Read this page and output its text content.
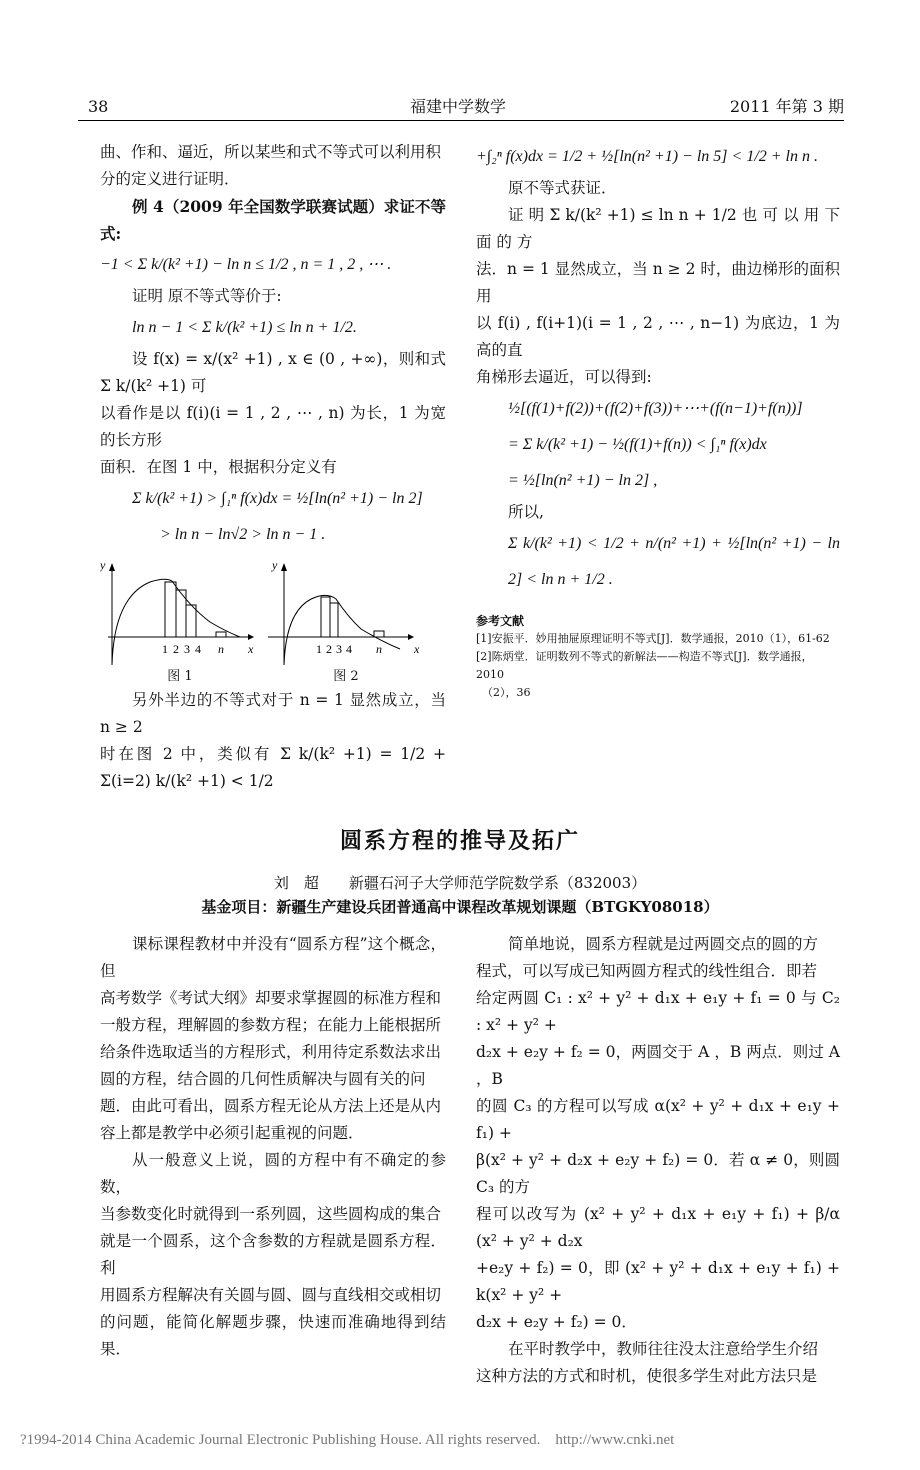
38	福建中学数学	2011 年第 3 期
曲、作和、逼近，所以某些和式不等式可以利用积
分的定义进行证明．
例 4（2009 年全国数学联赛试题）求证不等式:
−1 < Σ k/(k² +1) − ln n ≤ 1/2 , n = 1 , 2 , ⋯ .
证明 原不等式等价于:
ln n − 1 < Σ k/(k² +1) ≤ ln n + 1/2.
设 f(x) = x/(x² +1) , x ∈ (0 , +∞)，则和式 Σ k/(k² +1) 可
以看作是以 f(i)(i = 1 , 2 , ⋯ , n) 为长，1 为宽的长方形
面积．在图 1 中，根据积分定义有
Σ k/(k² +1) > ∫₁ⁿ f(x)dx = ½[ln(n² +1) − ln 2]
> ln n − ln√2 > ln n − 1 .
y
x
1 2 3 4 n
图 1
y
x
1 2 3 4 n
图 2
另外半边的不等式对于 n = 1 显然成立，当 n ≥ 2
时在图 2 中，类似有 Σ k/(k² +1) = 1/2 + Σ(i=2) k/(k² +1) < 1/2
+∫₂ⁿ f(x)dx = 1/2 + ½[ln(n² +1) − ln 5] < 1/2 + ln n .
原不等式获证．
证 明 Σ k/(k² +1) ≤ ln n + 1/2 也 可 以 用 下 面 的 方
法．n = 1 显然成立，当 n ≥ 2 时，曲边梯形的面积用
以 f(i) , f(i+1)(i = 1 , 2 , ⋯ , n−1) 为底边，1 为高的直
角梯形去逼近，可以得到:
½[(f(1)+f(2))+(f(2)+f(3))+⋯+(f(n−1)+f(n))]
= Σ k/(k² +1) − ½(f(1)+f(n)) < ∫₁ⁿ f(x)dx
= ½[ln(n² +1) − ln 2] ,
所以,
Σ k/(k² +1) < 1/2 + n/(n² +1) + ½[ln(n² +1) − ln 2] < ln n + 1/2 .
参考文献
[1]安振平．妙用抽屉原理证明不等式[J]．数学通报，2010（1），61-62
[2]陈炳堂．证明数列不等式的新解法——构造不等式[J]．数学通报，2010
（2），36
圆系方程的推导及拓广
刘　超　　新疆石河子大学师范学院数学系（832003）
基金项目：新疆生产建设兵团普通高中课程改革规划课题（BTGKY08018）
课标课程教材中并没有“圆系方程”这个概念，但
高考数学《考试大纲》却要求掌握圆的标准方程和
一般方程，理解圆的参数方程；在能力上能根据所
给条件选取适当的方程形式，利用待定系数法求出
圆的方程，结合圆的几何性质解决与圆有关的问
题．由此可看出，圆系方程无论从方法上还是从内
容上都是教学中必须引起重视的问题．
从一般意义上说，圆的方程中有不确定的参数，
当参数变化时就得到一系列圆，这些圆构成的集合
就是一个圆系，这个含参数的方程就是圆系方程．利
用圆系方程解决有关圆与圆、圆与直线相交或相切
的问题，能简化解题步骤，快速而准确地得到结果．
简单地说，圆系方程就是过两圆交点的圆的方
程式，可以写成已知两圆方程式的线性组合．即若
给定两圆 C₁ : x² + y² + d₁x + e₁y + f₁ = 0 与 C₂ : x² + y² +
d₂x + e₂y + f₂ = 0，两圆交于 A ，B 两点．则过 A ，B
的圆 C₃ 的方程可以写成 α(x² + y² + d₁x + e₁y + f₁) +
β(x² + y² + d₂x + e₂y + f₂) = 0．若 α ≠ 0，则圆 C₃ 的方
程可以改写为 (x² + y² + d₁x + e₁y + f₁) + β/α (x² + y² + d₂x
+e₂y + f₂) = 0，即 (x² + y² + d₁x + e₁y + f₁) + k(x² + y² +
d₂x + e₂y + f₂) = 0．
在平时教学中，教师往往没太注意给学生介绍
这种方法的方式和时机，使很多学生对此方法只是
?1994-2014 China Academic Journal Electronic Publishing House. All rights reserved.    http://www.cnki.net
